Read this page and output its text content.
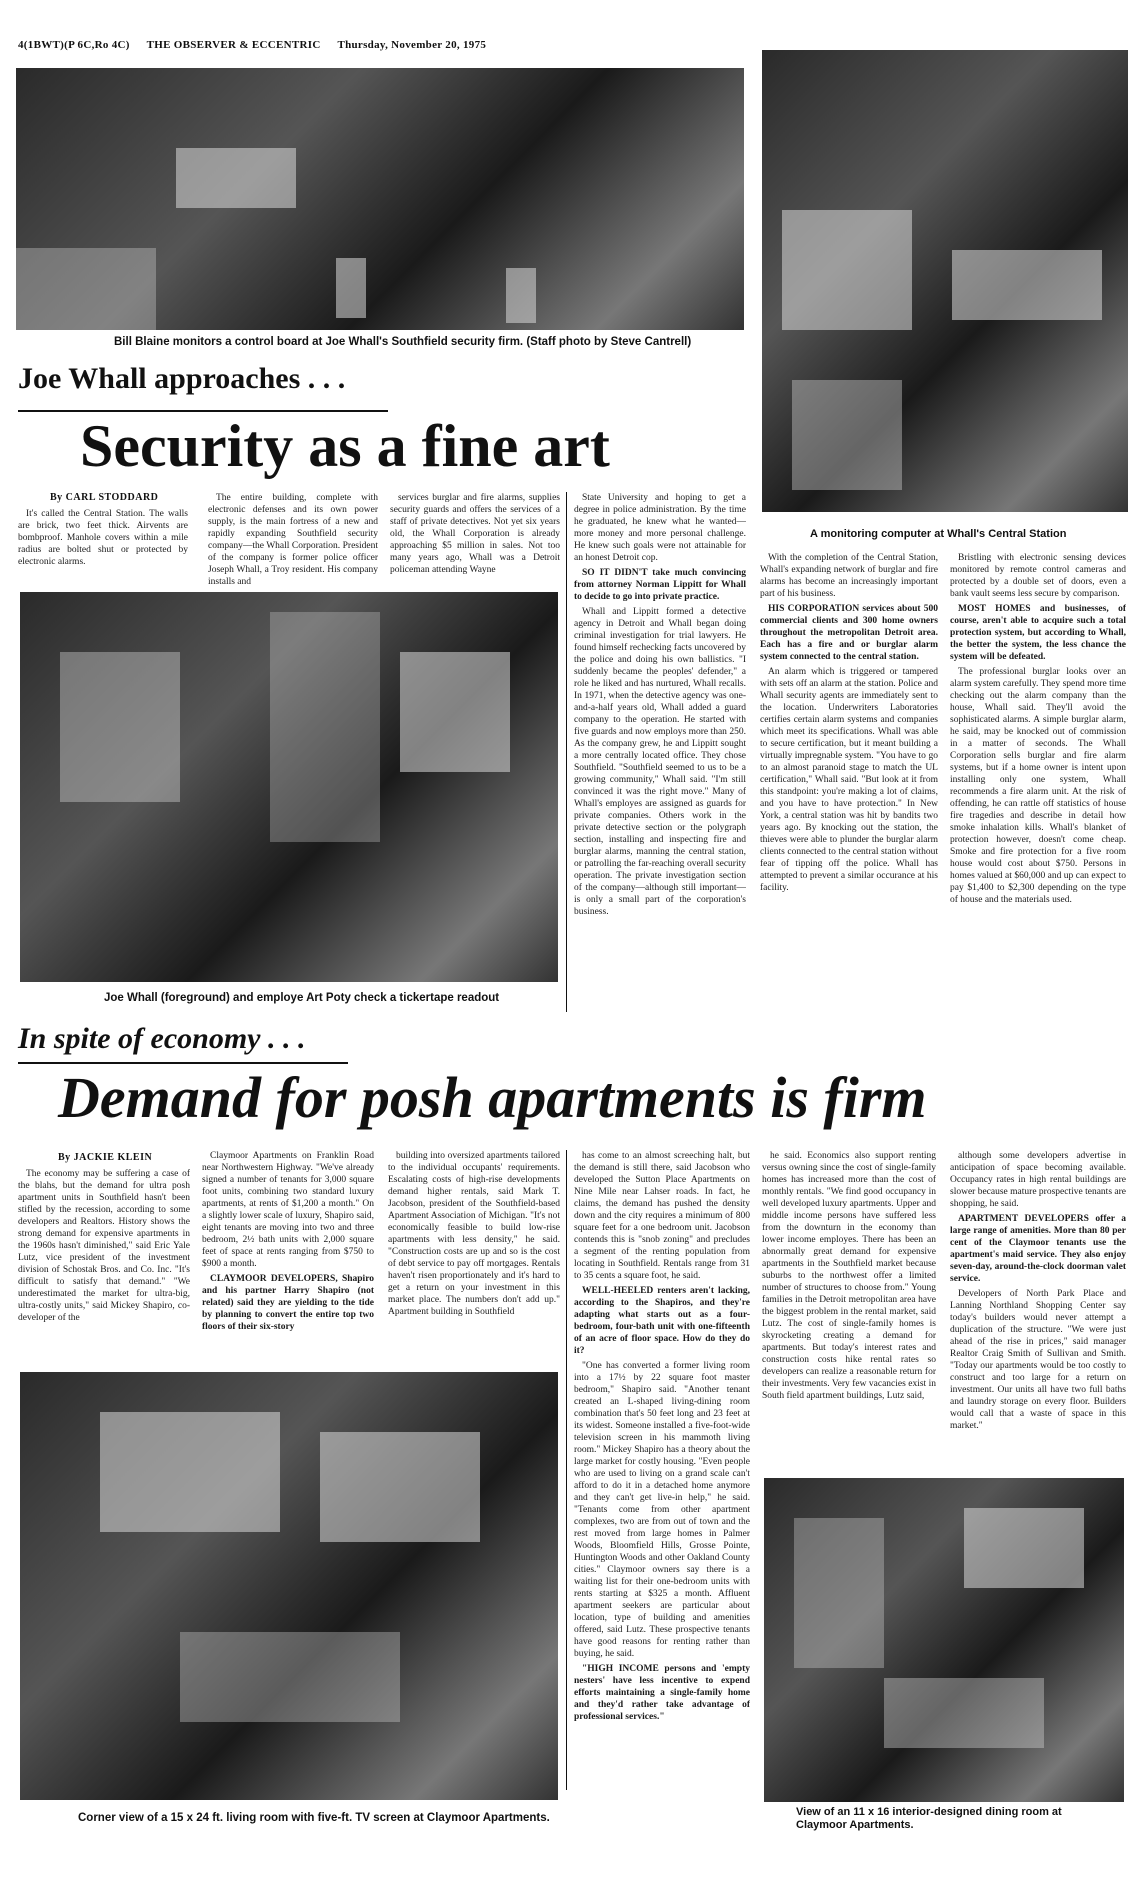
4(1BWT)(P 6C,Ro 4C) THE OBSERVER & ECCENTRIC Thursday, November 20, 1975
Bill Blaine monitors a control board at Joe Whall's Southfield security firm. (Staff photo by Steve Cantrell)
A monitoring computer at Whall's Central Station
Joe Whall approaches . . .
Security as a fine art
By CARL STODDARD

It's called the Central Station. The walls are brick, two feet thick. Airvents are bombproof. Manhole covers within a mile radius are bolted shut or protected by electronic alarms.

The entire building, complete with electronic defenses and its own power supply, is the main fortress of a new and rapidly expanding Southfield security company—the Whall Corporation. President of the company is former police officer Joseph Whall, a Troy resident. His company installs and

services burglar and fire alarms, supplies security guards and offers the services of a staff of private detectives. Not yet six years old, the Whall Corporation is already approaching $5 million in sales. Not too many years ago, Whall was a Detroit policeman attending Wayne

Joe Whall (foreground) and employe Art Poty check a tickertape readout

State University and hoping to get a degree in police administration. By the time he graduated, he knew what he wanted—more money and more personal challenge. He knew such goals were not attainable for an honest Detroit cop.

SO IT DIDN'T take much convincing from attorney Norman Lippitt for Whall to decide to go into private practice.

Whall and Lippitt formed a detective agency in Detroit and Whall began doing criminal investigation for trial lawyers. He found himself rechecking facts uncovered by the police and doing his own ballistics. "I suddenly became the peoples' defender," a role he liked and has nurtured, Whall recalls. In 1971, when the detective agency was one-and-a-half years old, Whall added a guard company to the operation. He started with five guards and now employs more than 250. As the company grew, he and Lippitt sought a more centrally located office. They chose Southfield. "Southfield seemed to us to be a growing community," Whall said. "I'm still convinced it was the right move." Many of Whall's employes are assigned as guards for private companies. Others work in the private detective section or the polygraph section, installing and inspecting fire and burglar alarms, manning the central station, or patrolling the far-reaching overall security operation. The private investigation section of the company—although still important—is only a small part of the corporation's business.

With the completion of the Central Station, Whall's expanding network of burglar and fire alarms has become an increasingly important part of his business.

HIS CORPORATION services about 500 commercial clients and 300 home owners throughout the metropolitan Detroit area. Each has a fire and or burglar alarm system connected to the central station.

An alarm which is triggered or tampered with sets off an alarm at the station. Police and Whall security agents are immediately sent to the location. Underwriters Laboratories certifies certain alarm systems and companies which meet its specifications. Whall was able to secure certification, but it meant building a virtually impregnable system. "You have to go to an almost paranoid stage to match the UL certification," Whall said. "But look at it from this standpoint: you're making a lot of claims, and you have to have protection." In New York, a central station was hit by bandits two years ago. By knocking out the station, the thieves were able to plunder the burglar alarm clients connected to the central station without fear of tipping off the police. Whall has attempted to prevent a similar occurance at his facility.

Bristling with electronic sensing devices monitored by remote control cameras and protected by a double set of doors, even a bank vault seems less secure by comparison.

MOST HOMES and businesses, of course, aren't able to acquire such a total protection system, but according to Whall, the better the system, the less chance the system will be defeated.

The professional burglar looks over an alarm system carefully. They spend more time checking out the alarm company than the house, Whall said. They'll avoid the sophisticated alarms. A simple burglar alarm, he said, may be knocked out of commission in a matter of seconds. The Whall Corporation sells burglar and fire alarm systems, but if a home owner is intent upon installing only one system, Whall recommends a fire alarm unit. At the risk of offending, he can rattle off statistics of house fire tragedies and describe in detail how smoke inhalation kills. Whall's blanket of protection however, doesn't come cheap. Smoke and fire protection for a five room house would cost about $750. Persons in homes valued at $60,000 and up can expect to pay $1,400 to $2,300 depending on the type of house and the materials used.

In spite of economy . . .
Demand for posh apartments is firm
By JACKIE KLEIN

The economy may be suffering a case of the blahs, but the demand for ultra posh apartment units in Southfield hasn't been stifled by the recession, according to some developers and Realtors. History shows the strong demand for expensive apartments in the 1960s hasn't diminished," said Eric Yale Lutz, vice president of the investment division of Schostak Bros. and Co. Inc. "It's difficult to satisfy that demand." "We underestimated the market for ultra-big, ultra-costly units," said Mickey Shapiro, co-developer of the

Claymoor Apartments on Franklin Road near Northwestern Highway. "We've already signed a number of tenants for 3,000 square foot units, combining two standard luxury apartments, at rents of $1,200 a month." On a slightly lower scale of luxury, Shapiro said, eight tenants are moving into two and three bedroom, 2½ bath units with 2,000 square feet of space at rents ranging from $750 to $900 a month.

CLAYMOOR DEVELOPERS, Shapiro and his partner Harry Shapiro (not related) said they are yielding to the tide by planning to convert the entire top two floors of their six-story

building into oversized apartments tailored to the individual occupants' requirements. Escalating costs of high-rise developments demand higher rentals, said Mark T. Jacobson, president of the Southfield-based Apartment Association of Michigan. "It's not economically feasible to build low-rise apartments with less density," he said. "Construction costs are up and so is the cost of debt service to pay off mortgages. Rentals haven't risen proportionately and it's hard to get a return on your investment in this market place. The numbers don't add up." Apartment building in Southfield

Corner view of a 15 x 24 ft. living room with five-ft. TV screen at Claymoor Apartments.

has come to an almost screeching halt, but the demand is still there, said Jacobson who developed the Sutton Place Apartments on Nine Mile near Lahser roads. In fact, he claims, the demand has pushed the density down and the city requires a minimum of 800 square feet for a one bedroom unit. Jacobson contends this is "snob zoning" and precludes a segment of the renting population from locating in Southfield. Rentals range from 31 to 35 cents a square foot, he said.

WELL-HEELED renters aren't lacking, according to the Shapiros, and they're adapting what starts out as a four-bedroom, four-bath unit with one-fifteenth of an acre of floor space. How do they do it?

"One has converted a former living room into a 17½ by 22 square foot master bedroom," Shapiro said. "Another tenant created an L-shaped living-dining room combination that's 50 feet long and 23 feet at its widest. Someone installed a five-foot-wide television screen in his mammoth living room." Mickey Shapiro has a theory about the large market for costly housing. "Even people who are used to living on a grand scale can't afford to do it in a detached home anymore and they can't get live-in help," he said. "Tenants come from other apartment complexes, two are from out of town and the rest moved from large homes in Palmer Woods, Bloomfield Hills, Grosse Pointe, Huntington Woods and other Oakland County cities." Claymoor owners say there is a waiting list for their one-bedroom units with rents starting at $325 a month. Affluent apartment seekers are particular about location, type of building and amenities offered, said Lutz. These prospective tenants have good reasons for renting rather than buying, he said.

"HIGH INCOME persons and 'empty nesters' have less incentive to expend efforts maintaining a single-family home and they'd rather take advantage of professional services."

he said. Economics also support renting versus owning since the cost of single-family homes has increased more than the cost of monthly rentals. "We find good occupancy in well developed luxury apartments. Upper and middle income persons have suffered less from the downturn in the economy than lower income employes. There has been an abnormally great demand for expensive apartments in the Southfield market because suburbs to the northwest offer a limited number of structures to choose from." Young families in the Detroit metropolitan area have the biggest problem in the rental market, said Lutz. The cost of single-family homes is skyrocketing creating a demand for apartments. But today's interest rates and construction costs hike rental rates so developers can realize a reasonable return for their investments. Very few vacancies exist in South field apartment buildings, Lutz said,

although some developers advertise in anticipation of space becoming available. Occupancy rates in high rental buildings are slower because mature prospective tenants are shopping, he said.

APARTMENT DEVELOPERS offer a large range of amenities. More than 80 per cent of the Claymoor tenants use the apartment's maid service. They also enjoy seven-day, around-the-clock doorman valet service.

Developers of North Park Place and Lanning Northland Shopping Center say today's builders would never attempt a duplication of the structure. "We were just ahead of the rise in prices," said manager Realtor Craig Smith of Sullivan and Smith. "Today our apartments would be too costly to construct and too large for a return on investment. Our units all have two full baths and laundry storage on every floor. Builders would call that a waste of space in this market."

View of an 11 x 16 interior-designed dining room at Claymoor Apartments.
